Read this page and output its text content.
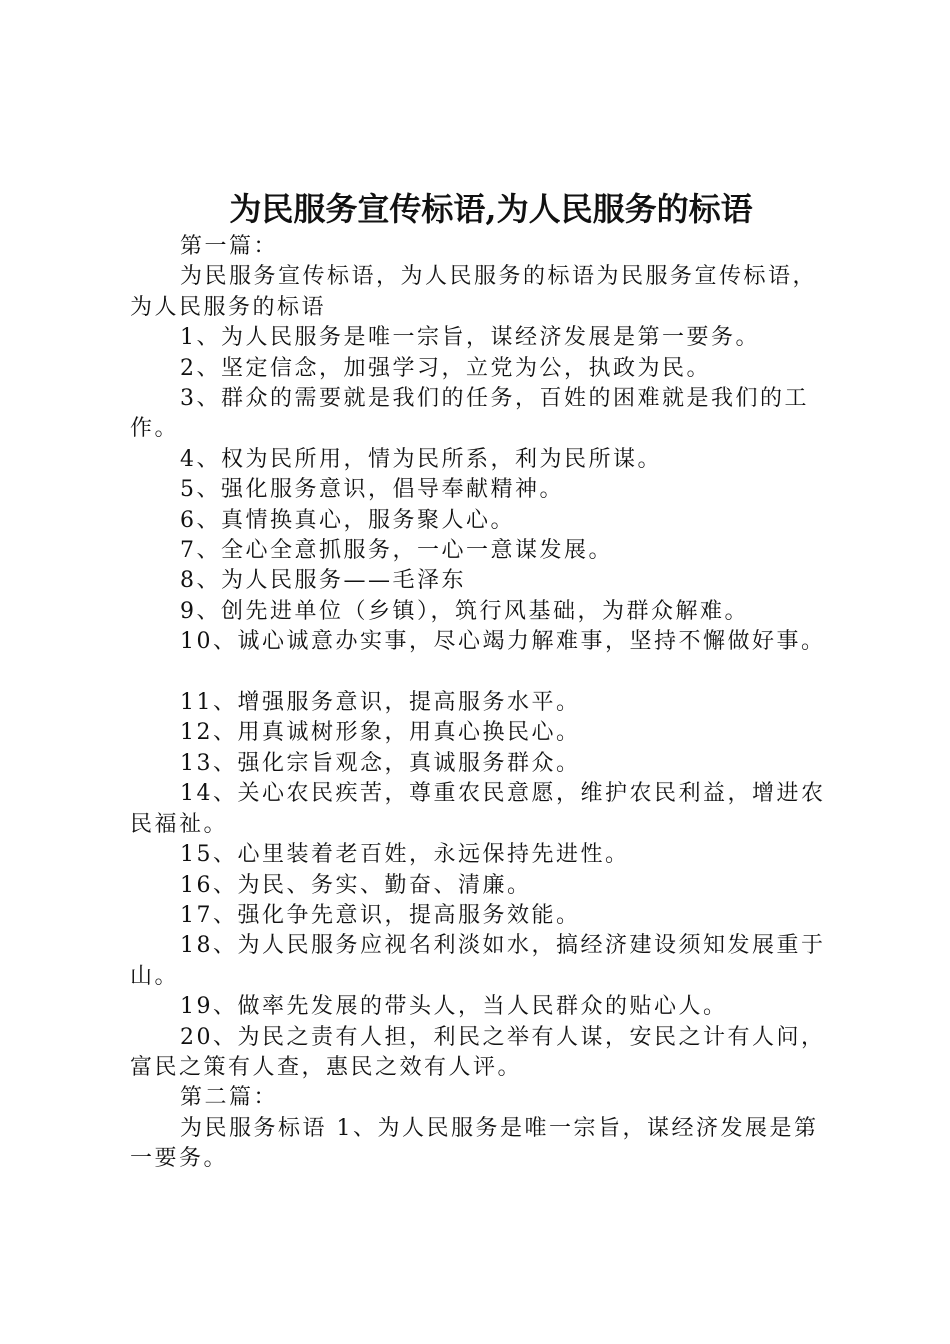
为民服务宣传标语,为人民服务的标语

第一篇：

为民服务宣传标语，为人民服务的标语为民服务宣传标语，为人民服务的标语

1、为人民服务是唯一宗旨，谋经济发展是第一要务。

2、坚定信念，加强学习，立党为公，执政为民。

3、群众的需要就是我们的任务，百姓的困难就是我们的工作。

4、权为民所用，情为民所系，利为民所谋。

5、强化服务意识，倡导奉献精神。

6、真情换真心，服务聚人心。

7、全心全意抓服务，一心一意谋发展。

8、为人民服务——毛泽东

9、创先进单位（乡镇），筑行风基础，为群众解难。

10、诚心诚意办实事，尽心竭力解难事，坚持不懈做好事。

11、增强服务意识，提高服务水平。

12、用真诚树形象，用真心换民心。

13、强化宗旨观念，真诚服务群众。

14、关心农民疾苦，尊重农民意愿，维护农民利益，增进农民福祉。

15、心里装着老百姓，永远保持先进性。

16、为民、务实、勤奋、清廉。

17、强化争先意识，提高服务效能。

18、为人民服务应视名利淡如水，搞经济建设须知发展重于山。

19、做率先发展的带头人，当人民群众的贴心人。

20、为民之责有人担，利民之举有人谋，安民之计有人问，富民之策有人查，惠民之效有人评。

第二篇：

为民服务标语 1、为人民服务是唯一宗旨，谋经济发展是第一要务。
